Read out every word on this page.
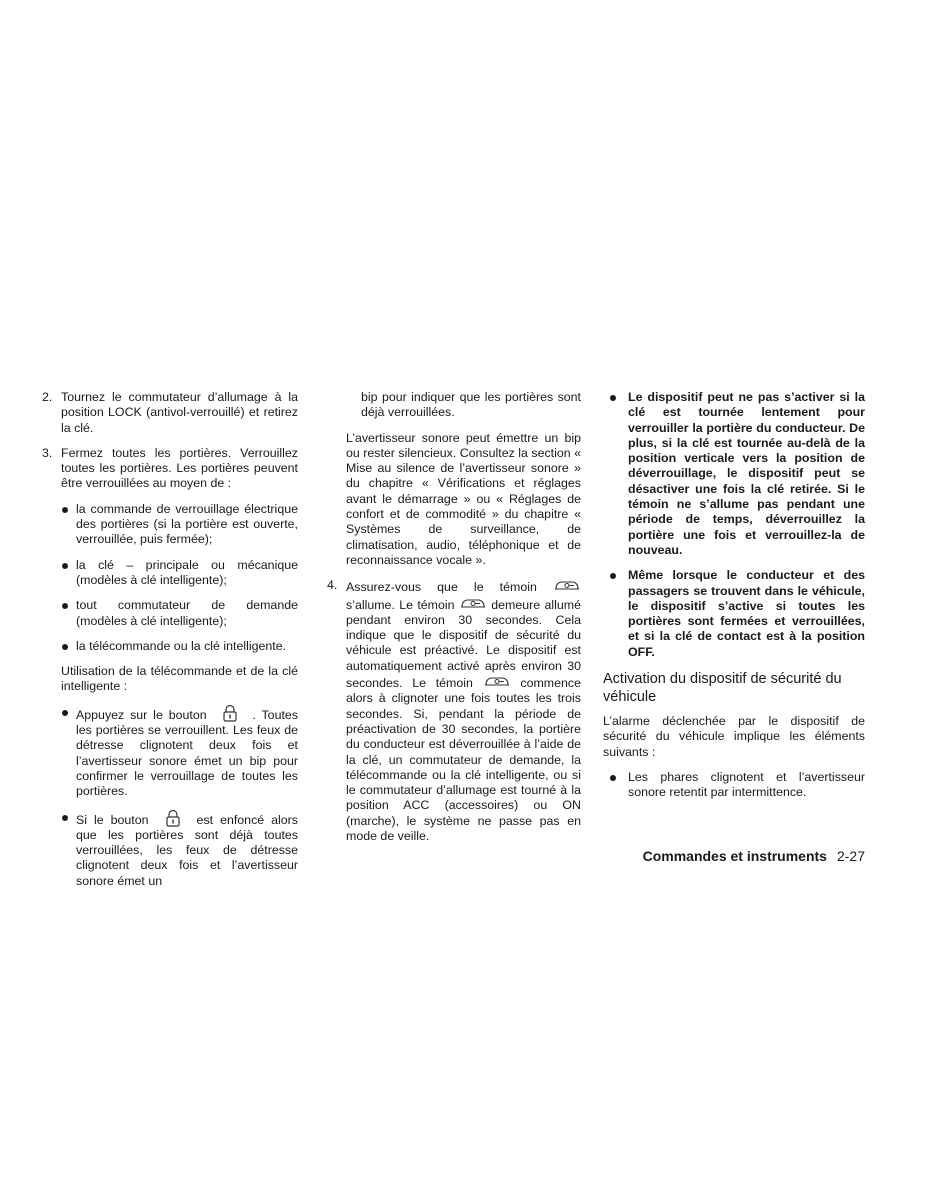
2. Tournez le commutateur d’allumage à la position LOCK (antivol-verrouillé) et retirez la clé.
3. Fermez toutes les portières. Verrouillez toutes les portières. Les portières peuvent être verrouillées au moyen de :
la commande de verrouillage électrique des portières (si la portière est ouverte, verrouillée, puis fermée);
la clé – principale ou mécanique (modèles à clé intelligente);
tout commutateur de demande (modèles à clé intelligente);
la télécommande ou la clé intelligente.

Utilisation de la télécommande et de la clé intelligente :

Appuyez sur le bouton	. Toutes les portières se verrouillent. Les feux de détresse clignotent deux fois et l’avertisseur sonore émet un bip pour confirmer le verrouillage de toutes les portières.
Si le bouton	est enfoncé alors que les portières sont déjà toutes verrouillées, les feux de détresse clignotent deux fois et l’avertisseur sonore émet un

bip pour indiquer que les portières sont déjà verrouillées.

L’avertisseur sonore peut émettre un bip ou rester silencieux. Consultez la section « Mise au silence de l’avertisseur sonore » du chapitre « Vérifications et réglages avant le démarrage » ou « Réglages de confort et de commodité » du chapitre « Systèmes de surveillance, de climatisation, audio, téléphonique et de reconnaissance vocale ».

4. Assurez-vous que le témoin  s’allume. Le témoin	demeure allumé pendant environ 30 secondes. Cela indique que le dispositif de sécurité du véhicule est préactivé. Le dispositif est automatiquement activé après environ 30 secondes. Le témoin	commence alors à clignoter une fois toutes les trois secondes. Si, pendant la période de préactivation de 30 secondes, la portière du conducteur est déverrouillée à l’aide de la clé, un commutateur de demande, la télécommande ou la clé intelligente, ou si le commutateur d’allumage est tourné à la position ACC (accessoires) ou ON (marche), le système ne passe pas en mode de veille.
Le dispositif peut ne pas s’activer si la clé est tournée lentement pour verrouiller la portière du conducteur. De plus, si la clé est tournée au-delà de la position verticale vers la position de déverrouillage, le dispositif peut se désactiver une fois la clé retirée. Si le témoin ne s’allume pas pendant une période de temps, déverrouillez la portière une fois et verrouillez-la de nouveau.
Même lorsque le conducteur et des passagers se trouvent dans le véhicule, le dispositif s’active si toutes les portières sont fermées et verrouillées, et si la clé de contact est à la position OFF.
Activation du dispositif de sécurité du véhicule

L’alarme déclenchée par le dispositif de sécurité du véhicule implique les éléments suivants :

Les phares clignotent et l’avertisseur sonore retentit par intermittence.
Commandes et instruments 2-27
